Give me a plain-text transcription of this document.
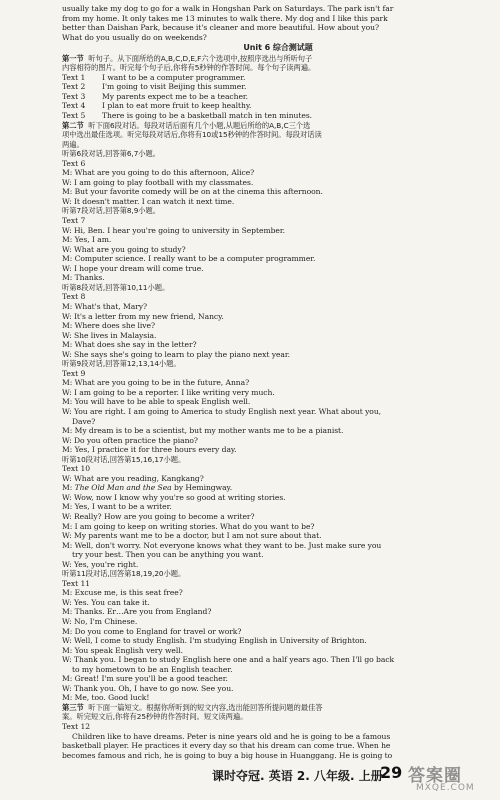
usually take my dog to go for a walk in Hongshan Park on Saturdays. The park isn't far
from my home. It only takes me 13 minutes to walk there. My dog and I like this park
better than Daishan Park, because it's cleaner and more beautiful. How about you?
What do you usually do on weekends?
Unit 6 综合测试题
第一节 听句子。从下面所给的A,B,C,D,E,F六个选项中,按照序选出与所听句子
内容相符的图片。听完每个句子后,你将有5秒钟的作答时间。每个句子读两遍。
Text 1 I want to be a computer programmer.
Text 2 I'm going to visit Beijing this summer.
Text 3 My parents expect me to be a teacher.
Text 4 I plan to eat more fruit to keep healthy.
Text 5 There is going to be a basketball match in ten minutes.
第二节 听下面6段对话。每段对话后面有几个小题,从题后所给的A,B,C三个选
项中选出最佳选项。听完每段对话后,你将有10或15秒钟的作答时间。每段对话读
两遍。
听第6段对话,回答第6,7小题。
Text 6
M: What are you going to do this afternoon, Alice?
W: I am going to play football with my classmates.
M: But your favorite comedy will be on at the cinema this afternoon.
W: It doesn't matter. I can watch it next time.
听第7段对话,回答第8,9小题。
Text 7
W: Hi, Ben. I hear you're going to university in September.
M: Yes, I am.
W: What are you going to study?
M: Computer science. I really want to be a computer programmer.
W: I hope your dream will come true.
M: Thanks.
听第8段对话,回答第10,11小题。
Text 8
M: What's that, Mary?
W: It's a letter from my new friend, Nancy.
M: Where does she live?
W: She lives in Malaysia.
M: What does she say in the letter?
W: She says she's going to learn to play the piano next year.
听第9段对话,回答第12,13,14小题。
Text 9
M: What are you going to be in the future, Anna?
W: I am going to be a reporter. I like writing very much.
M: You will have to be able to speak English well.
W: You are right. I am going to America to study English next year. What about you,
Dave?
M: My dream is to be a scientist, but my mother wants me to be a pianist.
W: Do you often practice the piano?
M: Yes, I practice it for three hours every day.
听第10段对话,回答第15,16,17小题。
Text 10
W: What are you reading, Kangkang?
M: The Old Man and the Sea by Hemingway.
W: Wow, now I know why you're so good at writing stories.
M: Yes, I want to be a writer.
W: Really? How are you going to become a writer?
M: I am going to keep on writing stories. What do you want to be?
W: My parents want me to be a doctor, but I am not sure about that.
M: Well, don't worry. Not everyone knows what they want to be. Just make sure you
try your best. Then you can be anything you want.
W: Yes, you're right.
听第11段对话,回答第18,19,20小题。
Text 11
M: Excuse me, is this seat free?
W: Yes. You can take it.
M: Thanks. Er…Are you from England?
W: No, I'm Chinese.
M: Do you come to England for travel or work?
W: Well, I come to study English. I'm studying English in University of Brighton.
M: You speak English very well.
W: Thank you. I began to study English here one and a half years ago. Then I'll go back
to my hometown to be an English teacher.
M: Great! I'm sure you'll be a good teacher.
W: Thank you. Oh, I have to go now. See you.
M: Me, too. Good luck!
第三节 听下面一篇短文。根据你所听到的短文内容,选出能回答所提问题的最佳答
案。听完短文后,你将有25秒钟的作答时间。短文读两遍。
Text 12
Children like to have dreams. Peter is nine years old and he is going to be a famous
basketball player. He practices it every day so that his dream can come true. When he
becomes famous and rich, he is going to buy a big house in Huanggang. He is going to
课时夺冠. 英语 2. 八年级. 上册
29 答案圈
MXQE.COM
